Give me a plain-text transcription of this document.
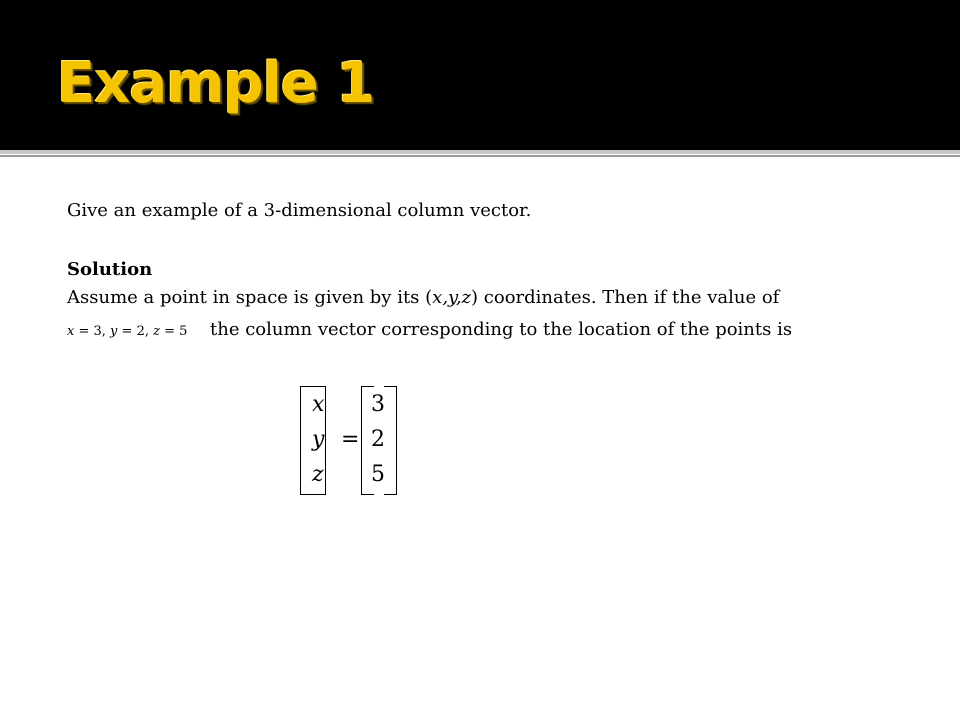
Example 1
Give an example of a 3-dimensional column vector.
Solution
Assume a point in space is given by its (x,y,z) coordinates. Then if the value of
x = 3, y = 2, z = 5 the column vector corresponding to the location of the points is
x
y
z
=
3
2
5
